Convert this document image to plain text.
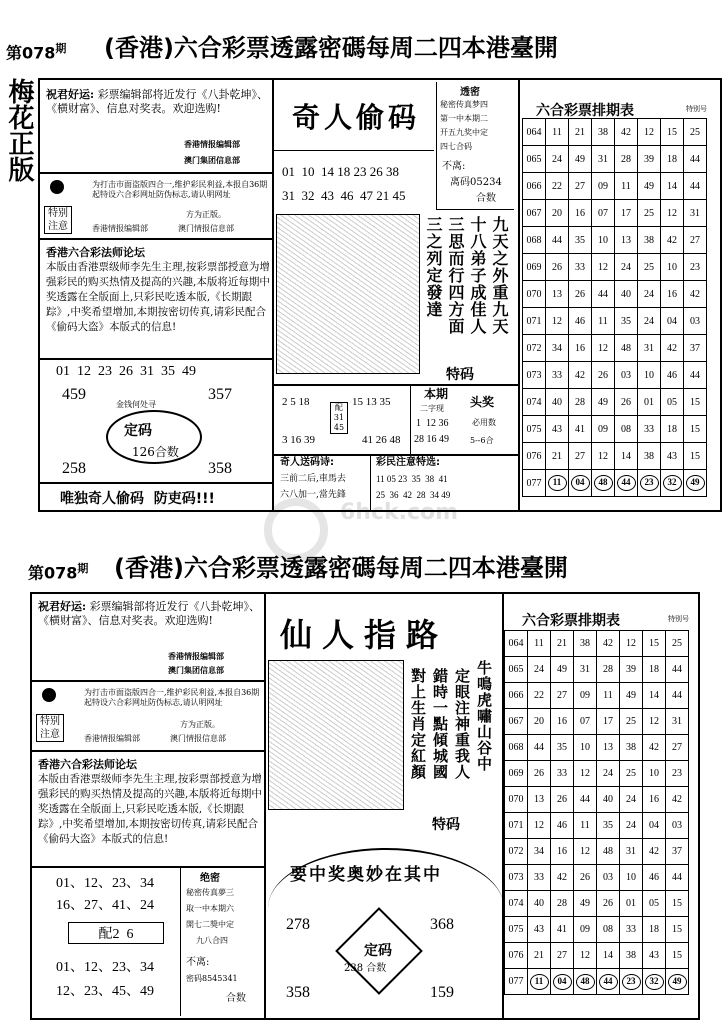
第$078^期$ (香港)六合彩票透露密碼每周二四本港臺開
梅花正版 祝君好运: 彩票编辑部将近发行《八卦乾坤》、《横财富》、信息对奖表。欢迎选购!
香港情报编辑部
澳门集团信息部
为打击市面盗版四合一,维护彩民利益,本报自36期起特设六合彩网址防伪标志,请认明网址
特别注意
方为正版。
香港情报编辑部	澳门情报信息部
香港六合彩法师论坛
本版由香港票级师李先生主理,按彩票部授意为增强彩民的购买热情及提高的兴趣,本版将近每期中奖透露在全版面上,只彩民吃透本版,《长期跟踪》,中奖希望增加,本期按密切传真,请彩民配合《偷码大盗》本版式的信息!
01  12  23  26  31  35  49
459	357
金钱何处寻
定码
126合数
258	358
唯独奇人偷码  防吏码!!!
奇人偷码
01  10  14 18 23 26 38
31  32  43  46  47 21 45
透密
秘密传真梦四
第一中本期二
开五九奖中定
四七合码
不离:
离码05234
合数
九天之外重九天
十八弟子成佳人
三思而行四方面
三之列定發達
特码
2 5 18
3 16 39
配31 45
15 13 35
41 26 48
本期
二字现
1  12 36
28 16 49
头奖
必用数
5--6合
奇人送码诗:
三前二后,車馬去
六八加一,當先鋒
彩民注意特选:
11 05 23  35  38  41
25  36  42  28  34 49
六合彩票排期表	特别号
064	11	21	38	42	12	15	25
065	24	49	31	28	39	18	44
066	22	27	09	11	49	14	44
067	20	16	07	17	25	12	31
068	44	35	10	13	38	42	27
069	26	33	12	24	25	10	23
070	13	26	44	40	24	16	42
071	12	46	11	35	24	04	03
072	34	16	12	48	31	42	37
073	33	42	26	03	10	46	44
074	40	28	49	26	01	05	15
075	43	41	09	08	33	18	15
076	21	27	12	14	38	43	15
077	11	04	48	44	23	32	49
6hck.com
第$078^期$ (香港)六合彩票透露密碼每周二四本港臺開
祝君好运: 彩票编辑部将近发行《八卦乾坤》、《横财富》、信息对奖表。欢迎选购!
香港情报编辑部
澳门集团信息部
为打击市面盗版四合一,维护彩民利益,本报自36期起特设六合彩网址防伪标志,请认明网址
特别注意
方为正版。
香港情报编辑部	澳门情报信息部
香港六合彩法师论坛
本版由香港票级师李先生主理,按彩票部授意为增强彩民的购买热情及提高的兴趣,本版将近每期中奖透露在全版面上,只彩民吃透本版,《长期跟踪》,中奖希望增加,本期按密切传真,请彩民配合《偷码大盗》本版式的信息!
01、12、23、34
16、27、41、24
配2  6
01、12、23、34
12、23、45、49
绝密
秘密传真夢三
取一中本期六
開七二獎中定
九八合四
不离:
密码8545341
合数
仙人指路
牛鳴虎嘯山谷中
定眼注神重我人
錯時一點傾城國
對上生肖定紅顏
特码
要中奖奥妙在其中
278	368
定码
238 合数
358	159
六合彩票排期表	特别号
064	11	21	38	42	12	15	25
065	24	49	31	28	39	18	44
066	22	27	09	11	49	14	44
067	20	16	07	17	25	12	31
068	44	35	10	13	38	42	27
069	26	33	12	24	25	10	23
070	13	26	44	40	24	16	42
071	12	46	11	35	24	04	03
072	34	16	12	48	31	42	37
073	33	42	26	03	10	46	44
074	40	28	49	26	01	05	15
075	43	41	09	08	33	18	15
076	21	27	12	14	38	43	15
077	11	04	48	44	23	32	49
